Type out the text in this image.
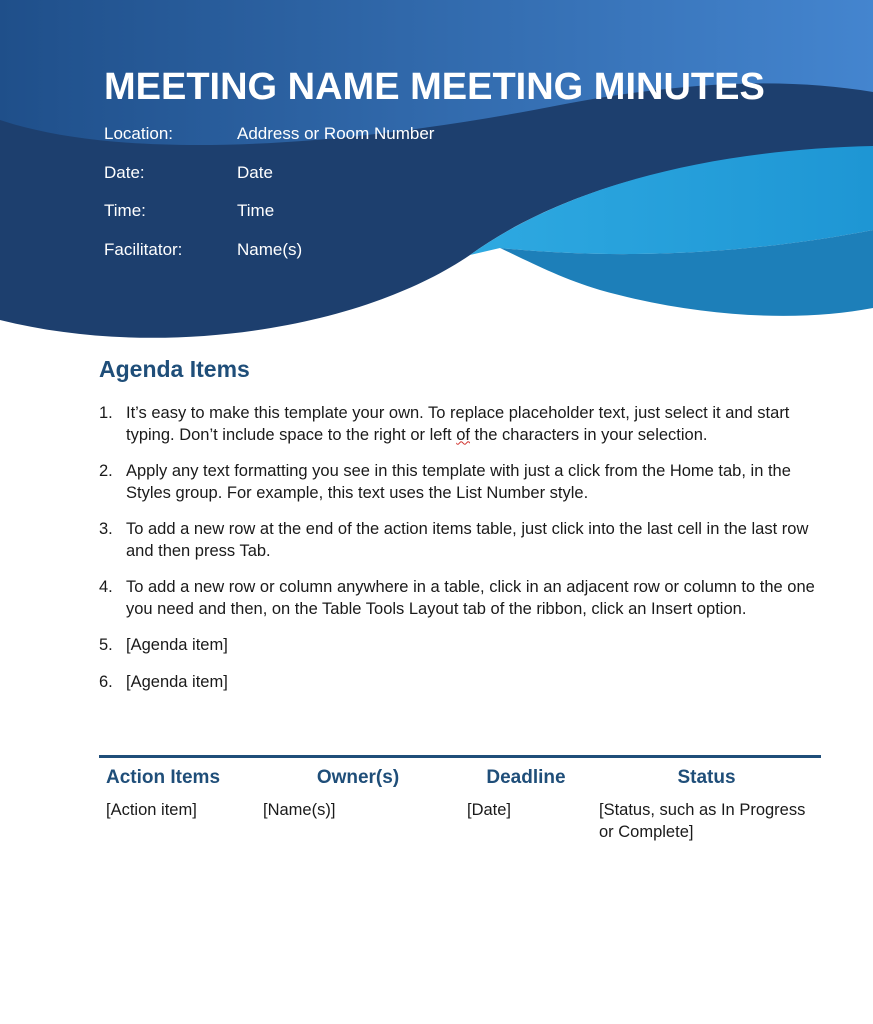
MEETING NAME MEETING MINUTES
Location:	Address or Room Number
Date:	Date
Time:	Time
Facilitator:	Name(s)
Agenda Items
1. It’s easy to make this template your own. To replace placeholder text, just select it and start typing. Don’t include space to the right or left of the characters in your selection.
2. Apply any text formatting you see in this template with just a click from the Home tab, in the Styles group. For example, this text uses the List Number style.
3. To add a new row at the end of the action items table, just click into the last cell in the last row and then press Tab.
4. To add a new row or column anywhere in a table, click in an adjacent row or column to the one you need and then, on the Table Tools Layout tab of the ribbon, click an Insert option.
5. [Agenda item]
6. [Agenda item]
Action Items	Owner(s)	Deadline	Status
[Action item]	[Name(s)]	[Date]	[Status, such as In Progress or Complete]
